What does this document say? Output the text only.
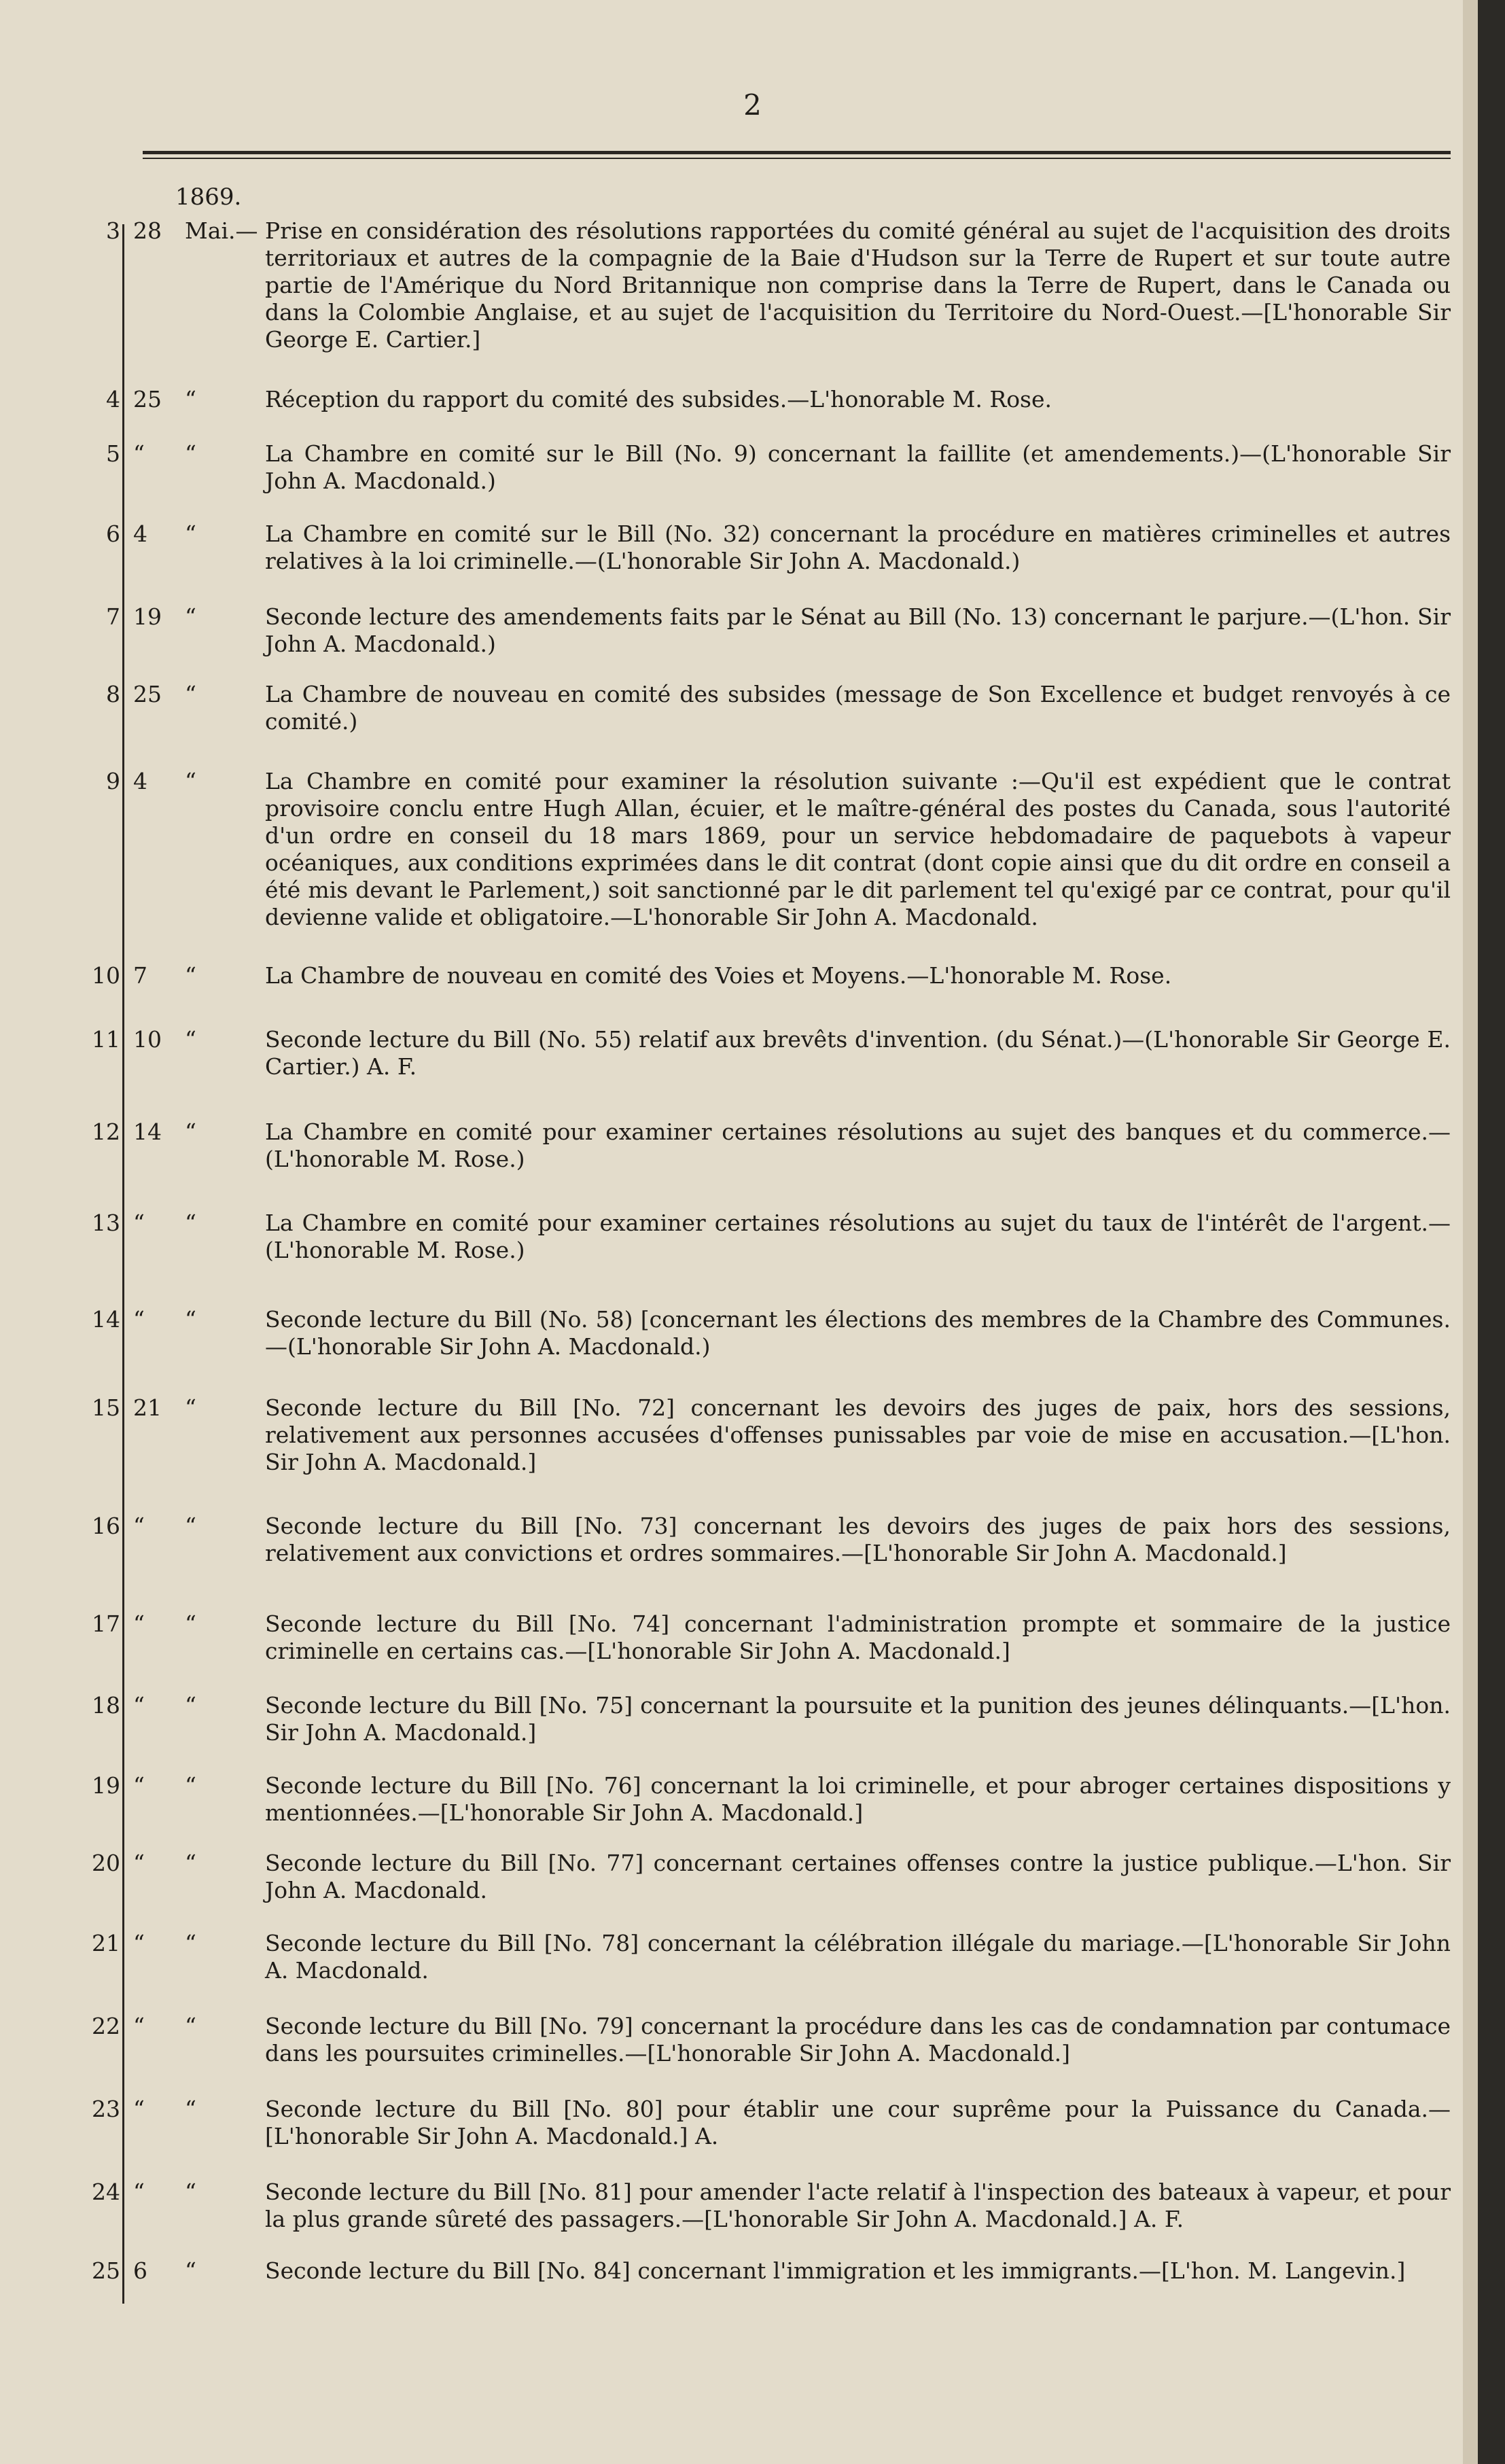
2
1869.
3 28	Mai.— Prise en considération des résolutions rapportées du comité général au sujet de l'acquisition des droits territoriaux et autres de la compagnie de la Baie d'Hudson sur la Terre de Rupert et sur toute autre partie de l'Amérique du Nord Britannique non comprise dans la Terre de Rupert, dans le Canada ou dans la Colombie Anglaise, et au sujet de l'acquisition du Territoire du Nord-Ouest.—[L'honorable Sir George E. Cartier.]
4 25	“	Réception du rapport du comité des subsides.—L'honorable M. Rose.
5 “	“	La Chambre en comité sur le Bill (No. 9) concernant la faillite (et amendements.)—(L'honorable Sir John A. Macdonald.)
6 4	“	La Chambre en comité sur le Bill (No. 32) concernant la procédure en matières criminelles et autres relatives à la loi criminelle.—(L'honorable Sir John A. Macdonald.)
7 19	“	Seconde lecture des amendements faits par le Sénat au Bill (No. 13) concernant le parjure.—(L'hon. Sir John A. Macdonald.)
8 25	“	La Chambre de nouveau en comité des subsides (message de Son Excellence et budget renvoyés à ce comité.)
9 4	“	La Chambre en comité pour examiner la résolution suivante :—Qu'il est expédient que le contrat provisoire conclu entre Hugh Allan, écuier, et le maître-général des postes du Canada, sous l'autorité d'un ordre en conseil du 18 mars 1869, pour un service hebdomadaire de paquebots à vapeur océaniques, aux conditions exprimées dans le dit contrat (dont copie ainsi que du dit ordre en conseil a été mis devant le Parlement,) soit sanctionné par le dit parlement tel qu'exigé par ce contrat, pour qu'il devienne valide et obligatoire.—L'honorable Sir John A. Macdonald.
10 7	“	La Chambre de nouveau en comité des Voies et Moyens.—L'honorable M. Rose.
11 10	“	Seconde lecture du Bill (No. 55) relatif aux brevêts d'invention. (du Sénat.)—(L'honorable Sir George E. Cartier.) A. F.
12 14	“	La Chambre en comité pour examiner certaines résolutions au sujet des banques et du commerce.—(L'honorable M. Rose.)
13 “	“	La Chambre en comité pour examiner certaines résolutions au sujet du taux de l'intérêt de l'argent.—(L'honorable M. Rose.)
14 “	“	Seconde lecture du Bill (No. 58) [concernant les élections des membres de la Chambre des Communes.—(L'honorable Sir John A. Macdonald.)
15 21	“	Seconde lecture du Bill [No. 72] concernant les devoirs des juges de paix, hors des sessions, relativement aux personnes accusées d'offenses punissables par voie de mise en accusation.—[L'hon. Sir John A. Macdonald.]
16 “	“	Seconde lecture du Bill [No. 73] concernant les devoirs des juges de paix hors des sessions, relativement aux convictions et ordres sommaires.—[L'honorable Sir John A. Macdonald.]
17 “	“	Seconde lecture du Bill [No. 74] concernant l'administration prompte et sommaire de la justice criminelle en certains cas.—[L'honorable Sir John A. Macdonald.]
18 “	“	Seconde lecture du Bill [No. 75] concernant la poursuite et la punition des jeunes délinquants.—[L'hon. Sir John A. Macdonald.]
19 “	“	Seconde lecture du Bill [No. 76] concernant la loi criminelle, et pour abroger certaines dispositions y mentionnées.—[L'honorable Sir John A. Macdonald.]
20 “	“	Seconde lecture du Bill [No. 77] concernant certaines offenses contre la justice publique.—L'hon. Sir John A. Macdonald.
21 “	“	Seconde lecture du Bill [No. 78] concernant la célébration illégale du mariage.—[L'honorable Sir John A. Macdonald.
22 “	“	Seconde lecture du Bill [No. 79] concernant la procédure dans les cas de condamnation par contumace dans les poursuites criminelles.—[L'honorable Sir John A. Macdonald.]
23 “	“	Seconde lecture du Bill [No. 80] pour établir une cour suprême pour la Puissance du Canada.—[L'honorable Sir John A. Macdonald.] A.
24 “	“	Seconde lecture du Bill [No. 81] pour amender l'acte relatif à l'inspection des bateaux à vapeur, et pour la plus grande sûreté des passagers.—[L'honorable Sir John A. Macdonald.] A. F.
25 6	“	Seconde lecture du Bill [No. 84] concernant l'immigration et les immigrants.—[L'hon. M. Langevin.]
